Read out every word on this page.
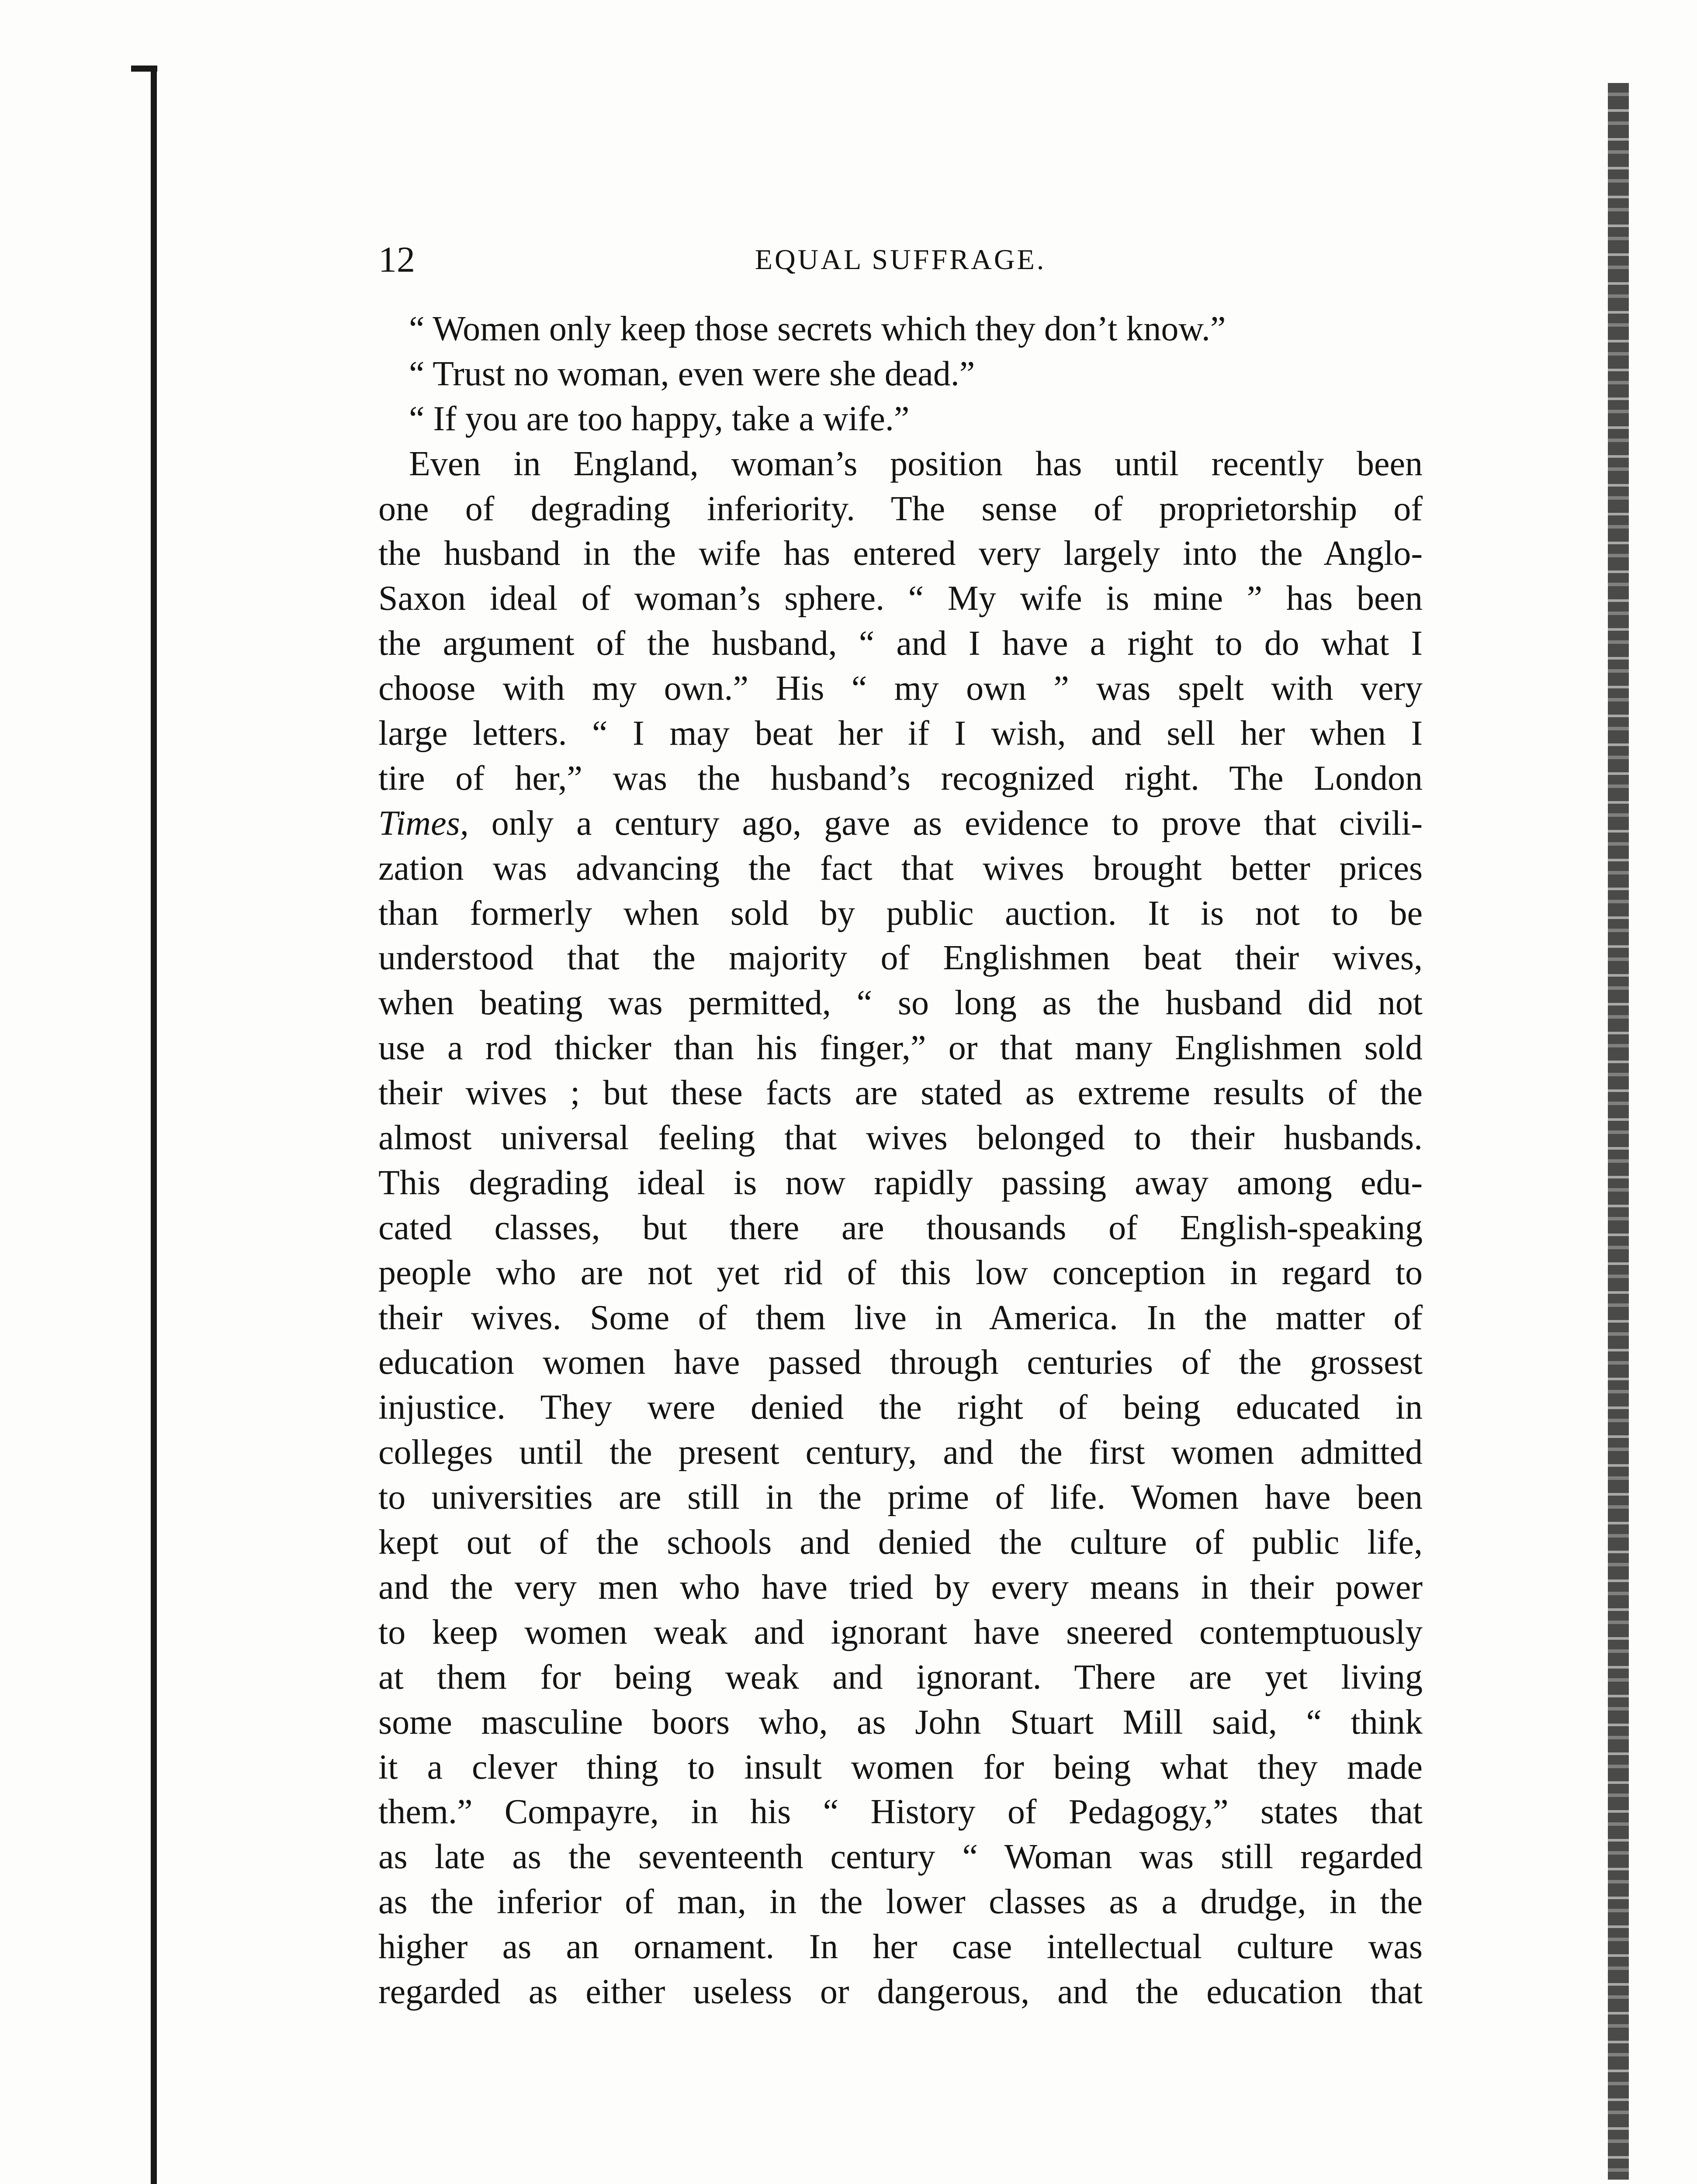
12	EQUAL SUFFRAGE.
“ Women only keep those secrets which they don’t know.”
“ Trust no woman, even were she dead.”
“ If you are too happy, take a wife.”
Even in England, woman’s position has until recently been
one of degrading inferiority. The sense of proprietorship of
the husband in the wife has entered very largely into the Anglo-
Saxon ideal of woman’s sphere. “ My wife is mine ” has been
the argument of the husband, “ and I have a right to do what I
choose with my own.” His “ my own ” was spelt with very
large letters. “ I may beat her if I wish, and sell her when I
tire of her,” was the husband’s recognized right. The London
Times, only a century ago, gave as evidence to prove that civili-
zation was advancing the fact that wives brought better prices
than formerly when sold by public auction. It is not to be
understood that the majority of Englishmen beat their wives,
when beating was permitted, “ so long as the husband did not
use a rod thicker than his finger,” or that many Englishmen sold
their wives ; but these facts are stated as extreme results of the
almost universal feeling that wives belonged to their husbands.
This degrading ideal is now rapidly passing away among edu-
cated classes, but there are thousands of English-speaking
people who are not yet rid of this low conception in regard to
their wives. Some of them live in America. In the matter of
education women have passed through centuries of the grossest
injustice. They were denied the right of being educated in
colleges until the present century, and the first women admitted
to universities are still in the prime of life. Women have been
kept out of the schools and denied the culture of public life,
and the very men who have tried by every means in their power
to keep women weak and ignorant have sneered contemptuously
at them for being weak and ignorant. There are yet living
some masculine boors who, as John Stuart Mill said, “ think
it a clever thing to insult women for being what they made
them.” Compayre, in his “ History of Pedagogy,” states that
as late as the seventeenth century “ Woman was still regarded
as the inferior of man, in the lower classes as a drudge, in the
higher as an ornament. In her case intellectual culture was
regarded as either useless or dangerous, and the education that
